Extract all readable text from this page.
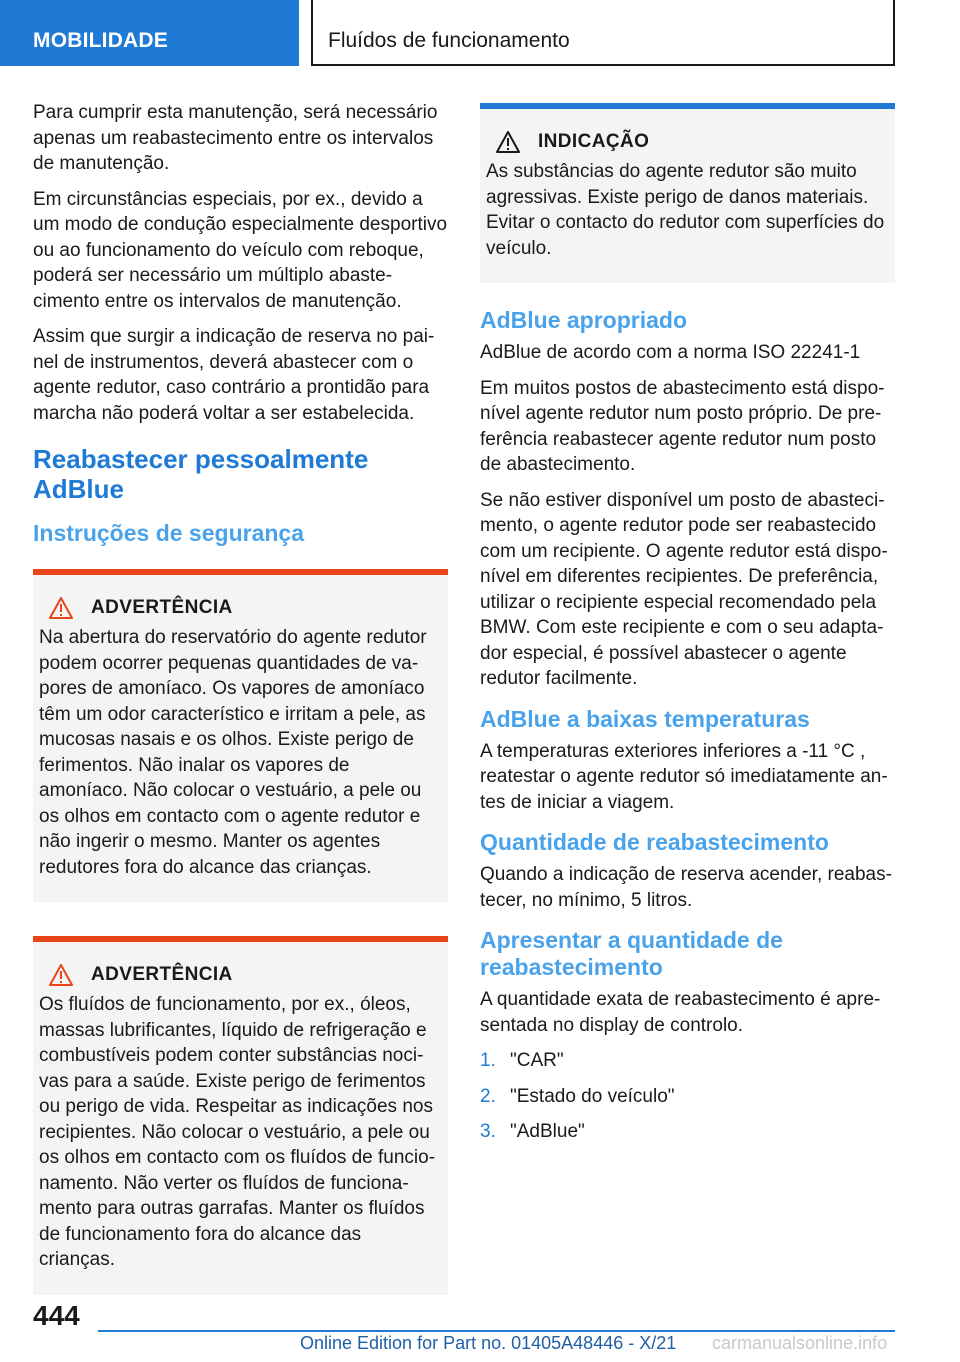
MOBILIDADE	Fluídos de funcionamento

Para cumprir esta manutenção, será necessário apenas um reabastecimento entre os intervalos de manutenção.

Em circunstâncias especiais, por ex., devido a um modo de condução especialmente desportivo ou ao funcionamento do veículo com reboque, poderá ser necessário um múltiplo abastecimento entre os intervalos de manutenção.

Assim que surgir a indicação de reserva no painel de instrumentos, deverá abastecer com o agente redutor, caso contrário a prontidão para marcha não poderá voltar a ser estabelecida.

Reabastecer pessoalmente AdBlue
Instruções de segurança
ADVERTÊNCIA

Na abertura do reservatório do agente redutor podem ocorrer pequenas quantidades de vapores de amoníaco. Os vapores de amoníaco têm um odor característico e irritam a pele, as mucosas nasais e os olhos. Existe perigo de ferimentos. Não inalar os vapores de amoníaco. Não colocar o vestuário, a pele ou os olhos em contacto com o agente redutor e não ingerir o mesmo. Manter os agentes redutores fora do alcance das crianças.

ADVERTÊNCIA

Os fluídos de funcionamento, por ex., óleos, massas lubrificantes, líquido de refrigeração e combustíveis podem conter substâncias nocivas para a saúde. Existe perigo de ferimentos ou perigo de vida. Respeitar as indicações nos recipientes. Não colocar o vestuário, a pele ou os olhos em contacto com os fluídos de funcionamento. Não verter os fluídos de funcionamento para outras garrafas. Manter os fluídos de funcionamento fora do alcance das crianças.

INDICAÇÃO

As substâncias do agente redutor são muito agressivas. Existe perigo de danos materiais. Evitar o contacto do redutor com superfícies do veículo.

AdBlue apropriado

AdBlue de acordo com a norma ISO 22241-1

Em muitos postos de abastecimento está disponível agente redutor num posto próprio. De preferência reabastecer agente redutor num posto de abastecimento.

Se não estiver disponível um posto de abastecimento, o agente redutor pode ser reabastecido com um recipiente. O agente redutor está disponível em diferentes recipientes. De preferência, utilizar o recipiente especial recomendado pela BMW. Com este recipiente e com o seu adaptador especial, é possível abastecer o agente redutor facilmente.

AdBlue a baixas temperaturas

A temperaturas exteriores inferiores a -11 °C , reatestar o agente redutor só imediatamente antes de iniciar a viagem.

Quantidade de reabastecimento

Quando a indicação de reserva acender, reabastecer, no mínimo, 5 litros.

Apresentar a quantidade de reabastecimento

A quantidade exata de reabastecimento é apresentada no display de controlo.

1. "CAR"
2. "Estado do veículo"
3. "AdBlue"
444
Online Edition for Part no. 01405A48446 - X/21 carmanualsonline.info
